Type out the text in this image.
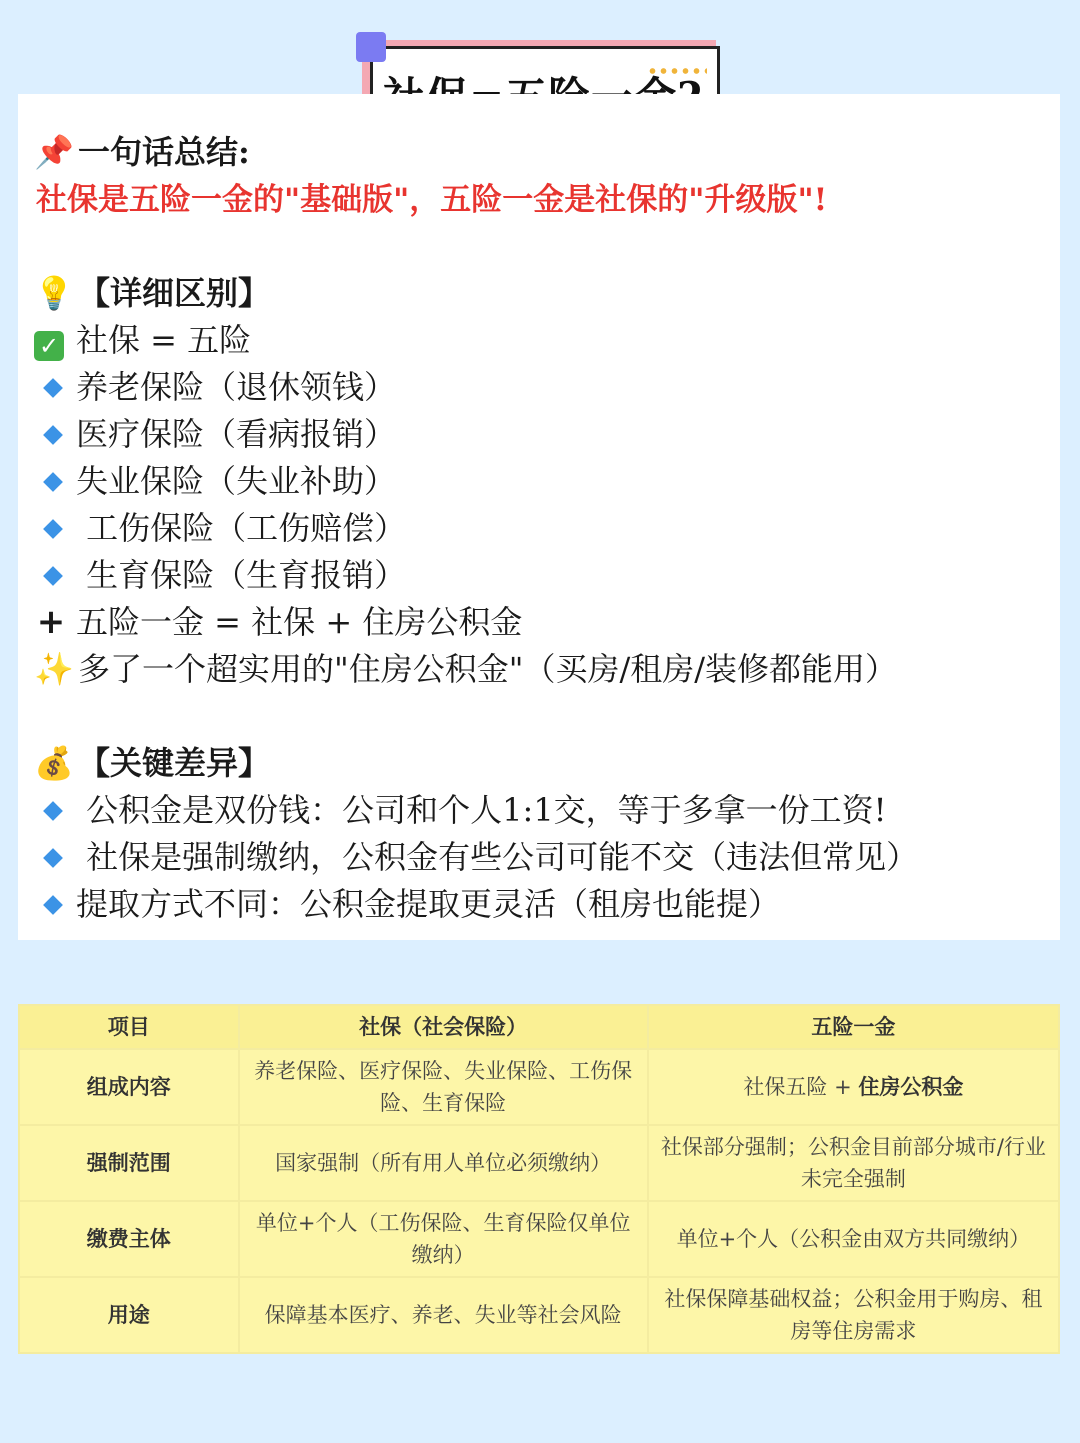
📌 一句话总结:
社保是五险一金的"基础版"，五险一金是社保的"升级版"!
💡 【详细区别】
✓ 社保 = 五险
养老保险（退休领钱）
医疗保险（看病报销）
失业保险（失业补助）
工伤保险（工伤赔偿）
生育保险（生育报销）
+ 五险一金 = 社保 + 住房公积金
✨ 多了一个超实用的"住房公积金"（买房/租房/装修都能用）
💰 【关键差异】
公积金是双份钱：公司和个人1:1交，等于多拿一份工资!
社保是强制缴纳，公积金有些公司可能不交（违法但常见）
提取方式不同：公积金提取更灵活（租房也能提）
项目	社保（社会保险）	五险一金
组成内容	养老保险、医疗保险、失业保险、工伤保险、生育保险	社保五险 + 住房公积金
强制范围	国家强制（所有用人单位必须缴纳）	社保部分强制；公积金目前部分城市/行业未完全强制
缴费主体	单位+个人（工伤保险、生育保险仅单位缴纳）	单位+个人（公积金由双方共同缴纳）
用途	保障基本医疗、养老、失业等社会风险	社保保障基础权益；公积金用于购房、租房等住房需求
